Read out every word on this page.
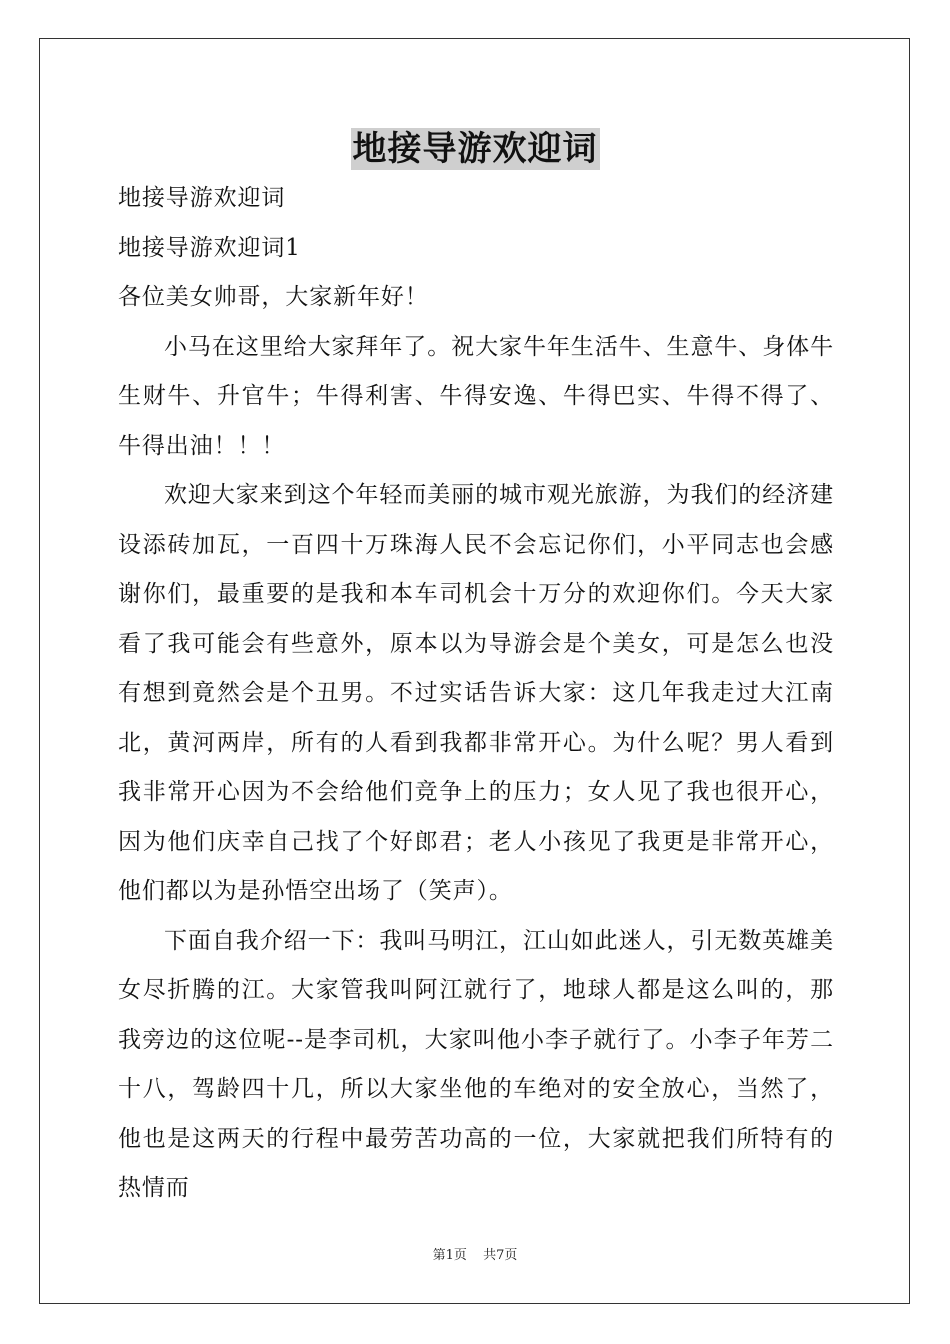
地接导游欢迎词

地接导游欢迎词

地接导游欢迎词1

各位美女帅哥，大家新年好！

小马在这里给大家拜年了。祝大家牛年生活牛、生意牛、身体牛生财牛、升官牛；牛得利害、牛得安逸、牛得巴实、牛得不得了、牛得出油！！！

欢迎大家来到这个年轻而美丽的城市观光旅游，为我们的经济建设添砖加瓦，一百四十万珠海人民不会忘记你们，小平同志也会感谢你们，最重要的是我和本车司机会十万分的欢迎你们。今天大家看了我可能会有些意外，原本以为导游会是个美女，可是怎么也没有想到竟然会是个丑男。不过实话告诉大家：这几年我走过大江南北，黄河两岸，所有的人看到我都非常开心。为什么呢？男人看到我非常开心因为不会给他们竞争上的压力；女人见了我也很开心，因为他们庆幸自己找了个好郎君；老人小孩见了我更是非常开心，他们都以为是孙悟空出场了（笑声）。

下面自我介绍一下：我叫马明江，江山如此迷人，引无数英雄美女尽折腾的江。大家管我叫阿江就行了，地球人都是这么叫的，那我旁边的这位呢--是李司机，大家叫他小李子就行了。小李子年芳二十八，驾龄四十几，所以大家坐他的车绝对的安全放心，当然了，他也是这两天的行程中最劳苦功高的一位，大家就把我们所特有的热情而

第1页 共7页
